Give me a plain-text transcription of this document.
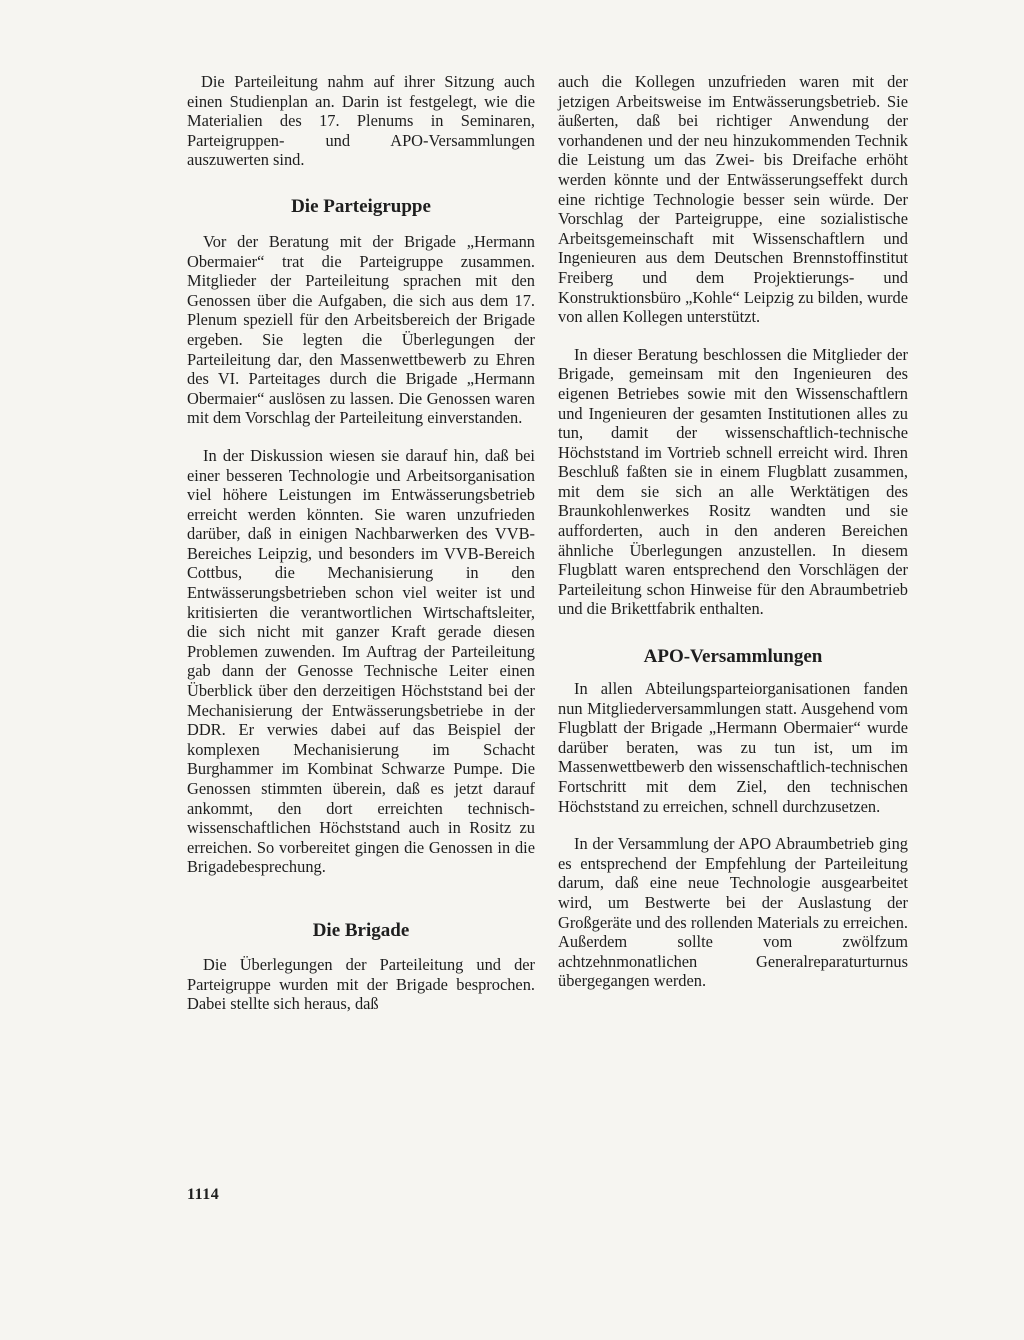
Die Parteileitung nahm auf ihrer Sitzung auch einen Studienplan an. Darin ist festgelegt, wie die Materialien des 17. Plenums in Seminaren, Parteigruppen- und APO-Versammlungen auszuwerten sind.

Die Parteigruppe

Vor der Beratung mit der Brigade „Hermann Obermaier“ trat die Parteigruppe zusammen. Mitglieder der Parteileitung sprachen mit den Genossen über die Aufgaben, die sich aus dem 17. Plenum speziell für den Arbeitsbereich der Brigade ergeben. Sie legten die Überlegungen der Parteileitung dar, den Massenwettbewerb zu Ehren des VI. Parteitages durch die Brigade „Hermann Obermaier“ auslösen zu lassen. Die Genossen waren mit dem Vorschlag der Parteileitung einverstanden.

In der Diskussion wiesen sie darauf hin, daß bei einer besseren Technologie und Arbeitsorganisation viel höhere Leistungen im Entwässerungsbetrieb erreicht werden könnten. Sie waren unzufrieden darüber, daß in einigen Nachbarwerken des VVB-Bereiches Leipzig, und besonders im VVB-Bereich Cottbus, die Mechanisierung in den Entwässerungsbetrieben schon viel weiter ist und kritisierten die verantwortlichen Wirtschaftsleiter, die sich nicht mit ganzer Kraft gerade diesen Problemen zuwenden. Im Auftrag der Parteileitung gab dann der Genosse Technische Leiter einen Überblick über den derzeitigen Höchststand bei der Mechanisierung der Entwässerungsbetriebe in der DDR. Er verwies dabei auf das Beispiel der komplexen Mechanisierung im Schacht Burghammer im Kombinat Schwarze Pumpe. Die Genossen stimmten überein, daß es jetzt darauf ankommt, den dort erreichten technisch-wissenschaftlichen Höchststand auch in Rositz zu erreichen. So vorbereitet gingen die Genossen in die Brigadebesprechung.

Die Brigade

Die Überlegungen der Parteileitung und der Parteigruppe wurden mit der Brigade besprochen. Dabei stellte sich heraus, daß

auch die Kollegen unzufrieden waren mit der jetzigen Arbeitsweise im Entwässerungsbetrieb. Sie äußerten, daß bei richtiger Anwendung der vorhandenen und der neu hinzukommenden Technik die Leistung um das Zwei- bis Dreifache erhöht werden könnte und der Entwässerungseffekt durch eine richtige Technologie besser sein würde. Der Vorschlag der Parteigruppe, eine sozialistische Arbeitsgemeinschaft mit Wissenschaftlern und Ingenieuren aus dem Deutschen Brennstoffinstitut Freiberg und dem Projektierungs- und Konstruktionsbüro „Kohle“ Leipzig zu bilden, wurde von allen Kollegen unterstützt.

In dieser Beratung beschlossen die Mitglieder der Brigade, gemeinsam mit den Ingenieuren des eigenen Betriebes sowie mit den Wissenschaftlern und Ingenieuren der gesamten Institutionen alles zu tun, damit der wissenschaftlich-technische Höchststand im Vortrieb schnell erreicht wird. Ihren Beschluß faßten sie in einem Flugblatt zusammen, mit dem sie sich an alle Werktätigen des Braunkohlenwerkes Rositz wandten und sie aufforderten, auch in den anderen Bereichen ähnliche Überlegungen anzustellen. In diesem Flugblatt waren entsprechend den Vorschlägen der Parteileitung schon Hinweise für den Abraumbetrieb und die Brikettfabrik enthalten.

APO-Versammlungen

In allen Abteilungsparteiorganisationen fanden nun Mitgliederversammlungen statt. Ausgehend vom Flugblatt der Brigade „Hermann Obermaier“ wurde darüber beraten, was zu tun ist, um im Massenwettbewerb den wissenschaftlich-technischen Fortschritt mit dem Ziel, den technischen Höchststand zu erreichen, schnell durchzusetzen.

In der Versammlung der APO Abraumbetrieb ging es entsprechend der Empfehlung der Parteileitung darum, daß eine neue Technologie ausgearbeitet wird, um Bestwerte bei der Auslastung der Großgeräte und des rollenden Materials zu erreichen. Außerdem sollte vom zwölfzum achtzehnmonatlichen Generalreparaturturnus übergegangen werden.

1114
